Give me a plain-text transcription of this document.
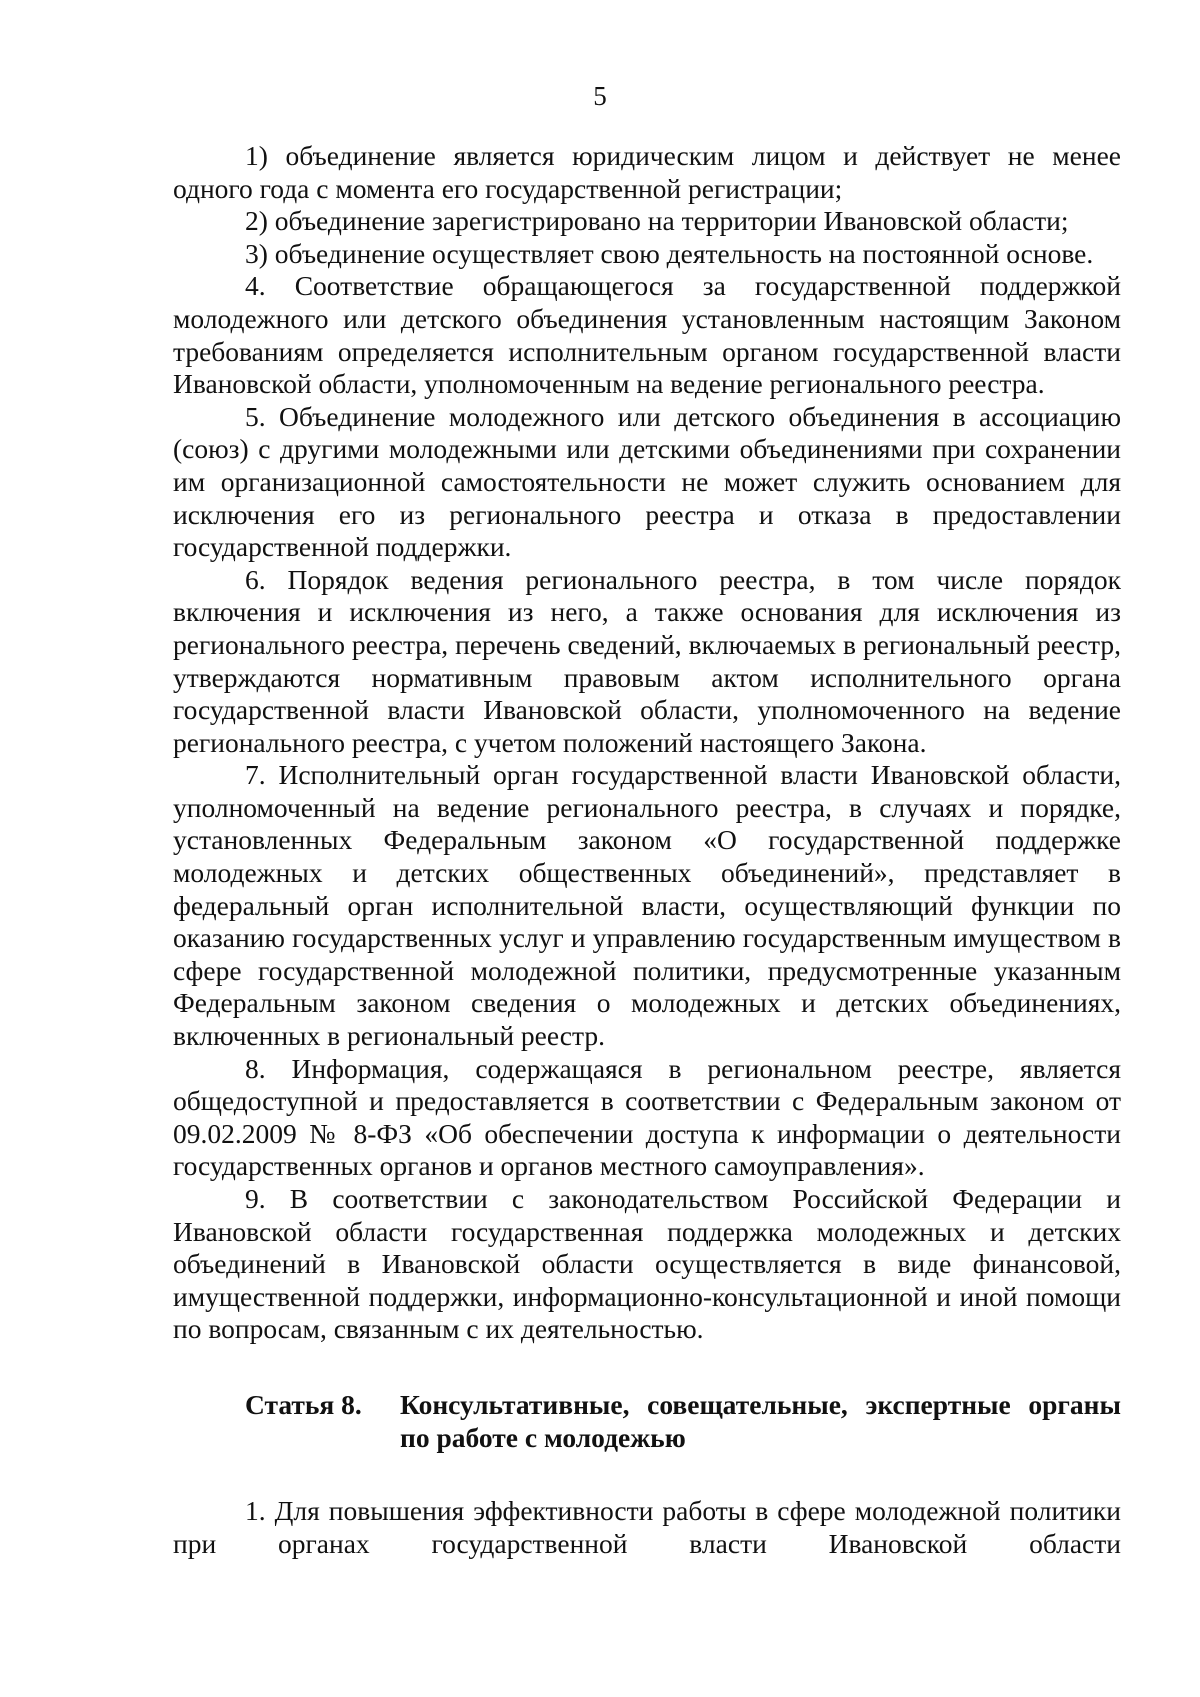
5

1) объединение является юридическим лицом и действует не менее одного года с момента его государственной регистрации;

2) объединение зарегистрировано на территории Ивановской области;

3) объединение осуществляет свою деятельность на постоянной основе.

4. Соответствие обращающегося за государственной поддержкой молодежного или детского объединения установленным настоящим Законом требованиям определяется исполнительным органом государственной власти Ивановской области, уполномоченным на ведение регионального реестра.

5. Объединение молодежного или детского объединения в ассоциацию (союз) с другими молодежными или детскими объединениями при сохранении им организационной самостоятельности не может служить основанием для исключения его из регионального реестра и отказа в предоставлении государственной поддержки.

6. Порядок ведения регионального реестра, в том числе порядок включения и исключения из него, а также основания для исключения из регионального реестра, перечень сведений, включаемых в региональный реестр, утверждаются нормативным правовым актом исполнительного органа государственной власти Ивановской области, уполномоченного на ведение регионального реестра, с учетом положений настоящего Закона.

7. Исполнительный орган государственной власти Ивановской области, уполномоченный на ведение регионального реестра, в случаях и порядке, установленных Федеральным законом «О государственной поддержке молодежных и детских общественных объединений», представляет в федеральный орган исполнительной власти, осуществляющий функции по оказанию государственных услуг и управлению государственным имуществом в сфере государственной молодежной политики, предусмотренные указанным Федеральным законом сведения о молодежных и детских объединениях, включенных в региональный реестр.

8. Информация, содержащаяся в региональном реестре, является общедоступной и предоставляется в соответствии с Федеральным законом от 09.02.2009 № 8-ФЗ «Об обеспечении доступа к информации о деятельности государственных органов и органов местного самоуправления».

9. В соответствии с законодательством Российской Федерации и Ивановской области государственная поддержка молодежных и детских объединений в Ивановской области осуществляется в виде финансовой, имущественной поддержки, информационно-консультационной и иной помощи по вопросам, связанным с их деятельностью.

Статья 8.	Консультативные, совещательные, экспертные органы по работе с молодежью

1. Для повышения эффективности работы в сфере молодежной политики при органах государственной власти Ивановской области
